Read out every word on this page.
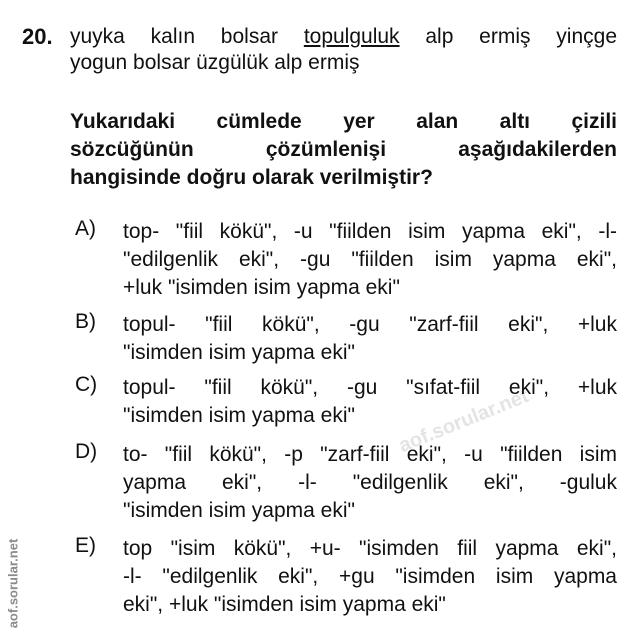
aof.sorular.net
aof.sorular.net
20. yuyka kalın bolsar topulguluk alp ermiş yinçge
yogun bolsar üzgülük alp ermiş
Yukarıdaki cümlede yer alan altı çizili
sözcüğünün çözümlenişi aşağıdakilerden
hangisinde doğru olarak verilmiştir?
A) top- "fiil kökü", -u "fiilden isim yapma eki", -l-
"edilgenlik eki", -gu "fiilden isim yapma eki",
+luk "isimden isim yapma eki"
B) topul- "fiil kökü", -gu "zarf-fiil eki", +luk
"isimden isim yapma eki"
C) topul- "fiil kökü", -gu "sıfat-fiil eki", +luk
"isimden isim yapma eki"
D) to- "fiil kökü", -p "zarf-fiil eki", -u "fiilden isim
yapma eki", -l- "edilgenlik eki", -guluk
"isimden isim yapma eki"
E) top "isim kökü", +u- "isimden fiil yapma eki",
-l- "edilgenlik eki", +gu "isimden isim yapma
eki", +luk "isimden isim yapma eki"
